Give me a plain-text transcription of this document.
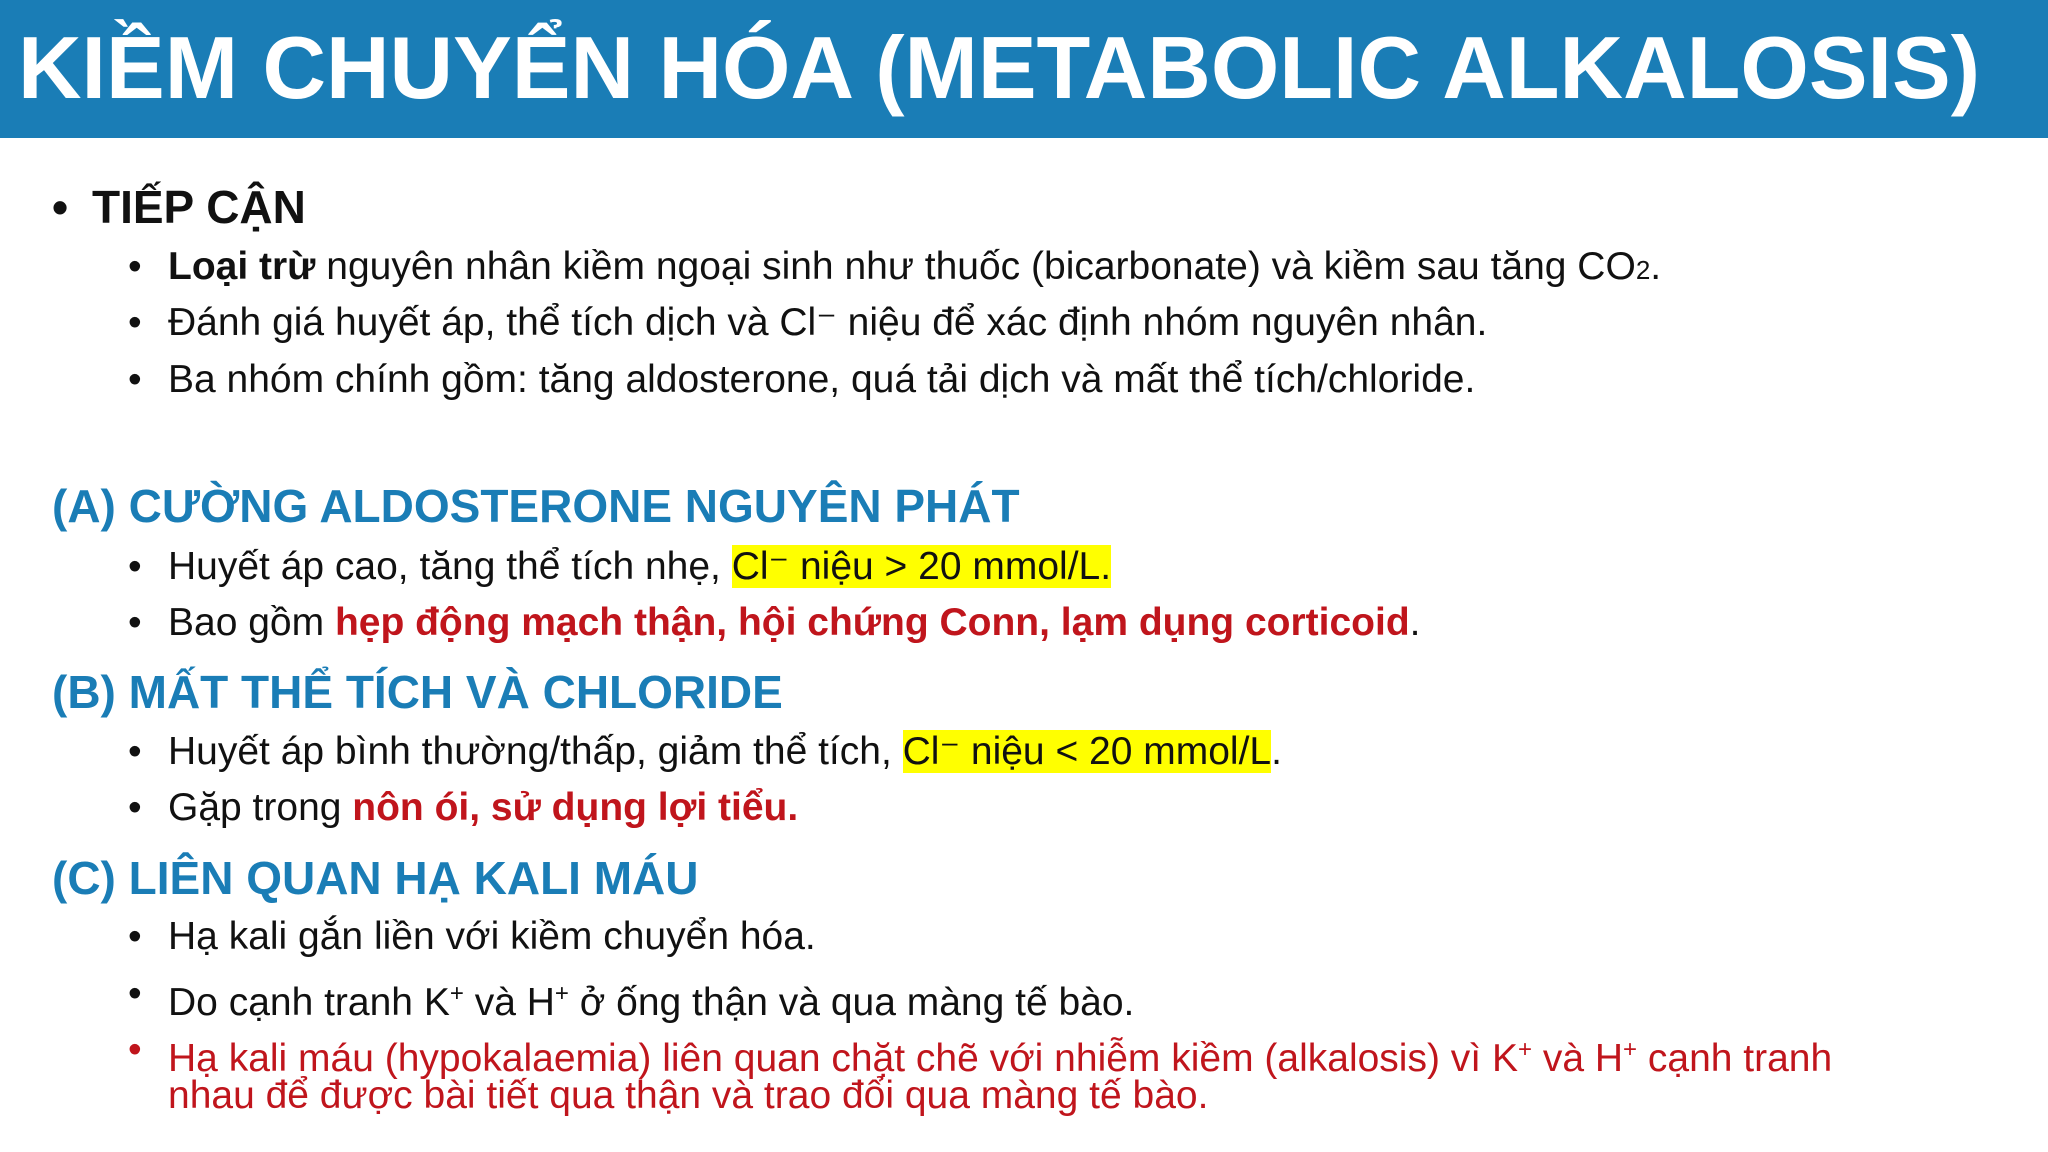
KIỀM CHUYỂN HÓA (METABOLIC ALKALOSIS)
• TIẾP CẬN
• Loại trừ nguyên nhân kiềm ngoại sinh như thuốc (bicarbonate) và kiềm sau tăng CO2.
• Đánh giá huyết áp, thể tích dịch và Cl⁻ niệu để xác định nhóm nguyên nhân.
• Ba nhóm chính gồm: tăng aldosterone, quá tải dịch và mất thể tích/chloride.
(A) CƯỜNG ALDOSTERONE NGUYÊN PHÁT
• Huyết áp cao, tăng thể tích nhẹ, Cl⁻ niệu > 20 mmol/L.
• Bao gồm hẹp động mạch thận, hội chứng Conn, lạm dụng corticoid.
(B) MẤT THỂ TÍCH VÀ CHLORIDE
• Huyết áp bình thường/thấp, giảm thể tích, Cl⁻ niệu < 20 mmol/L.
• Gặp trong nôn ói, sử dụng lợi tiểu.
(C) LIÊN QUAN HẠ KALI MÁU
• Hạ kali gắn liền với kiềm chuyển hóa.
• Do cạnh tranh K+ và H+ ở ống thận và qua màng tế bào.
• Hạ kali máu (hypokalaemia) liên quan chặt chẽ với nhiễm kiềm (alkalosis) vì K+ và H+ cạnh tranh
nhau để được bài tiết qua thận và trao đổi qua màng tế bào.
